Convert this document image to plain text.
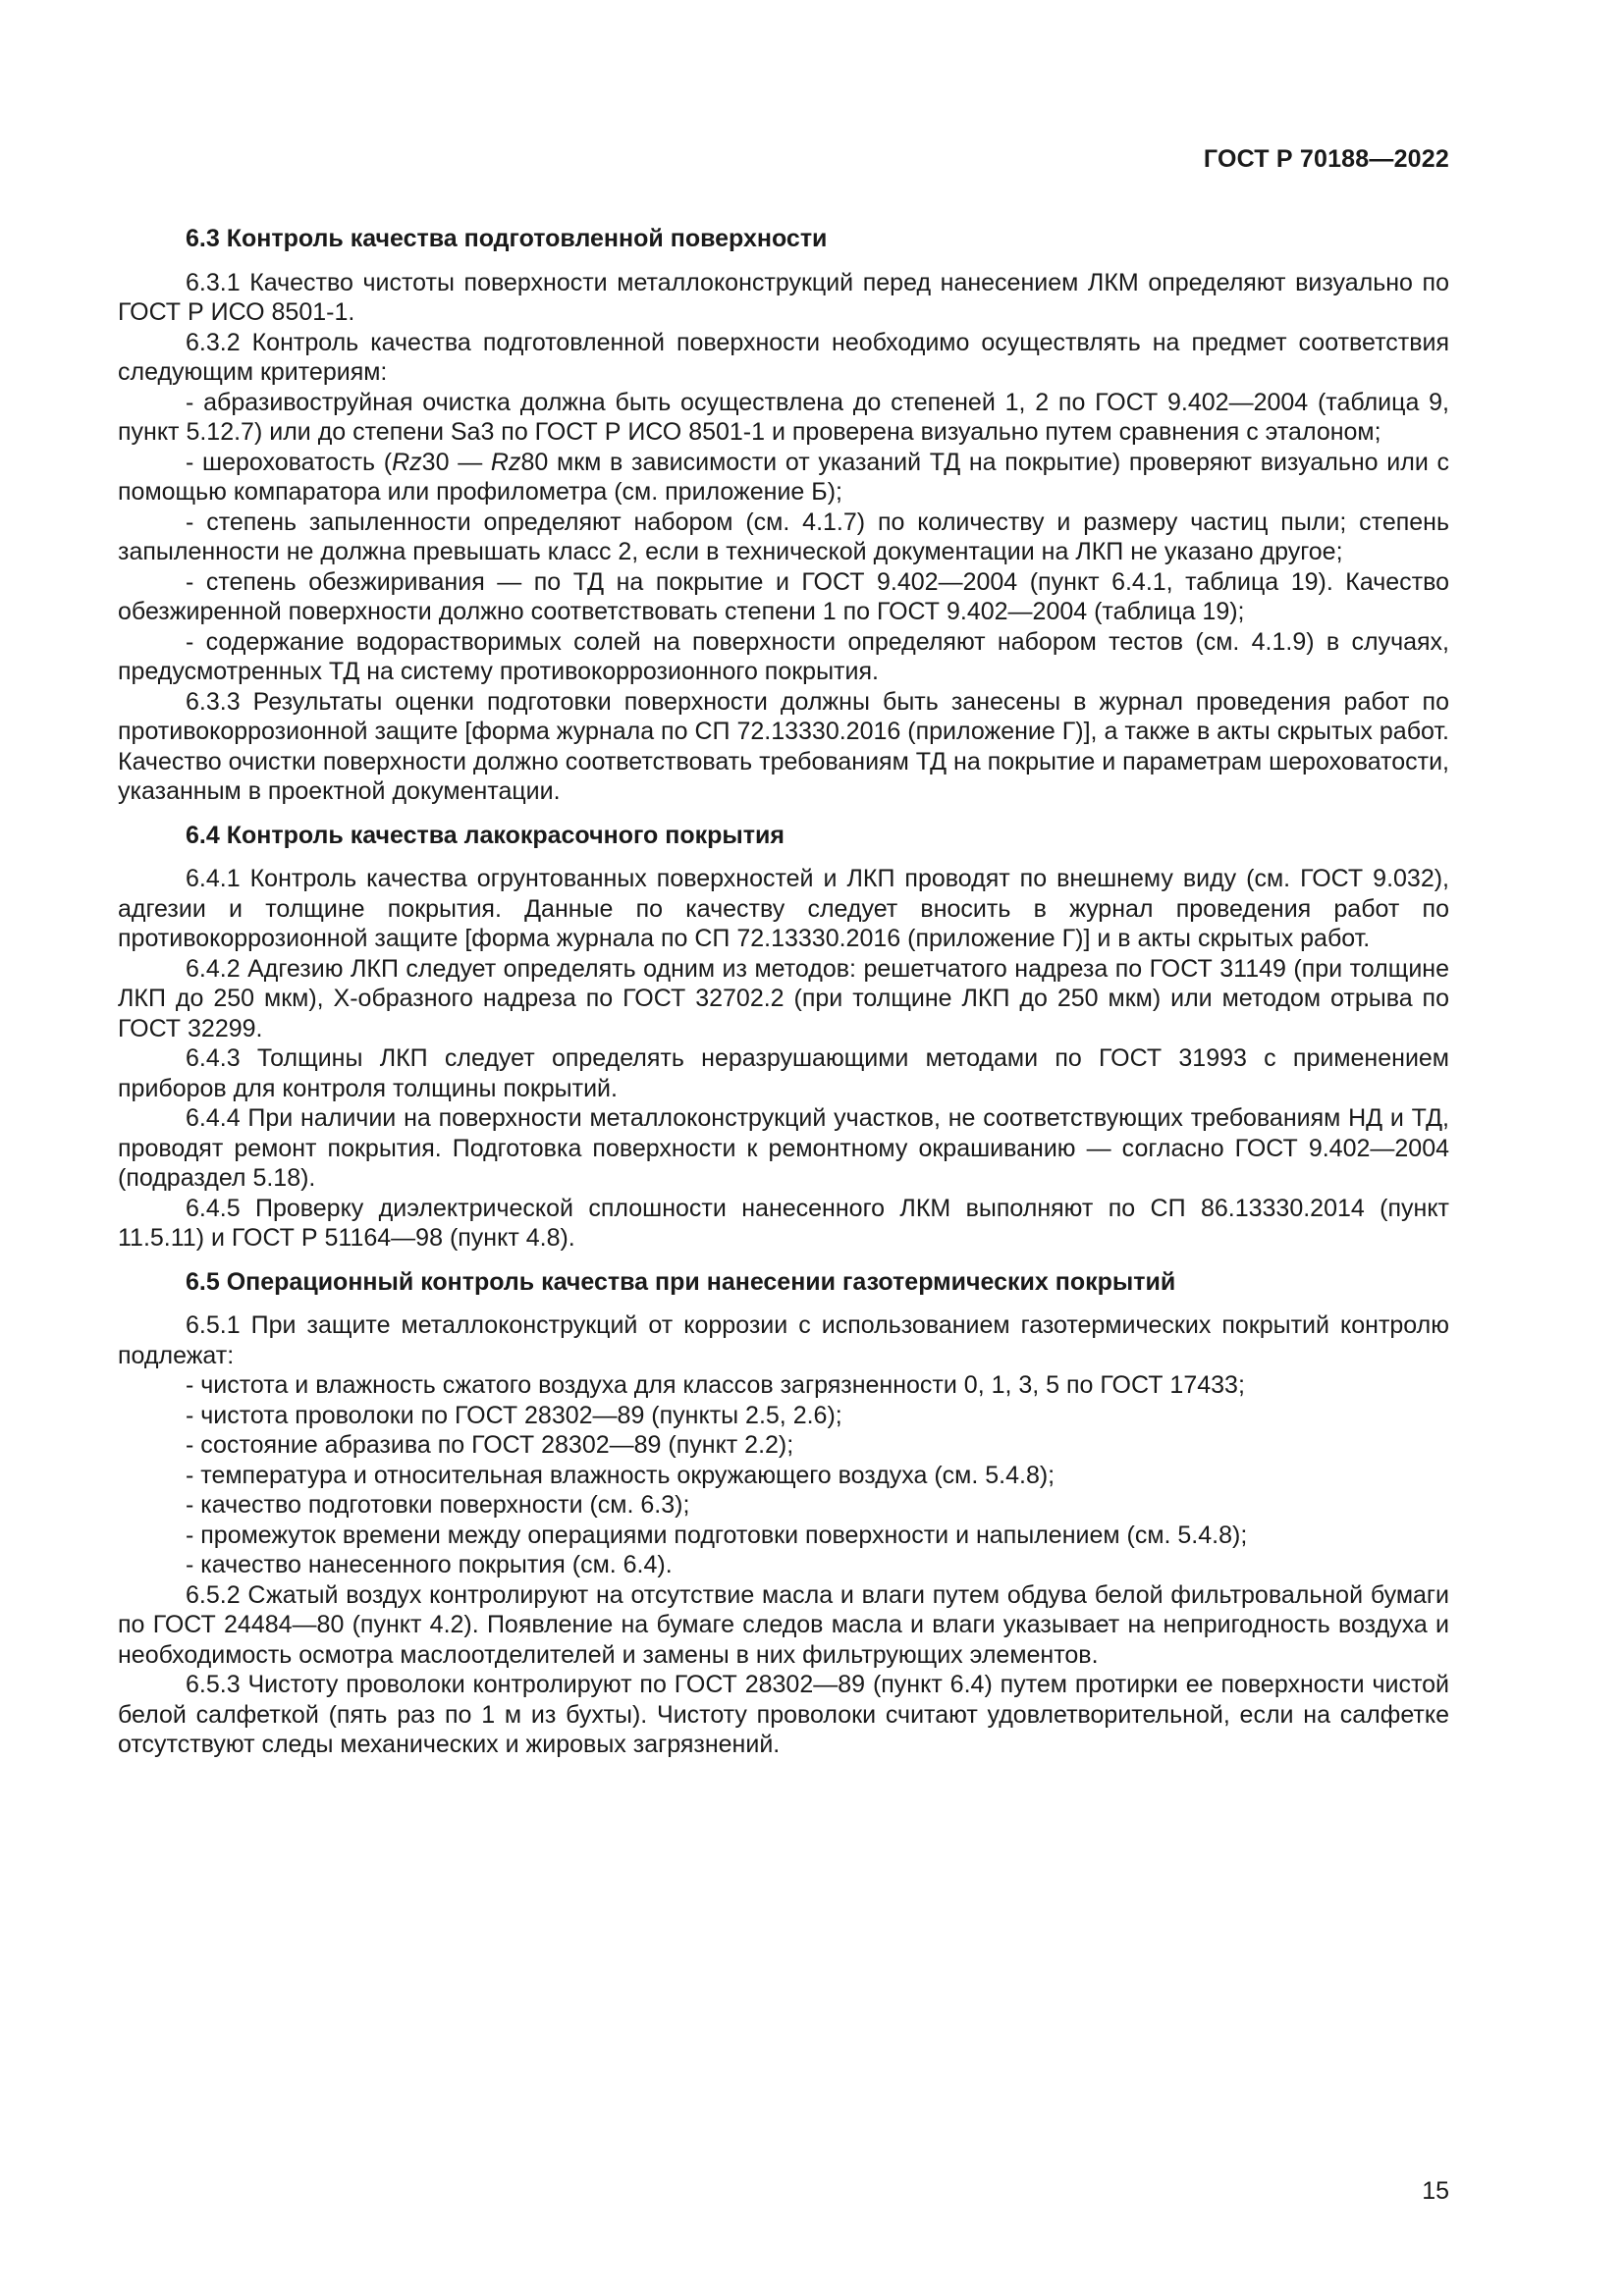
ГОСТ Р 70188—2022
6.3 Контроль качества подготовленной поверхности

6.3.1 Качество чистоты поверхности металлоконструкций перед нанесением ЛКМ определяют визуально по ГОСТ Р ИСО 8501-1.

6.3.2 Контроль качества подготовленной поверхности необходимо осуществлять на предмет соответствия следующим критериям:

- абразивоструйная очистка должна быть осуществлена до степеней 1, 2 по ГОСТ 9.402—2004 (таблица 9, пункт 5.12.7) или до степени Sa3 по ГОСТ Р ИСО 8501-1 и проверена визуально путем сравнения с эталоном;

- шероховатость (Rz30 — Rz80 мкм в зависимости от указаний ТД на покрытие) проверяют визуально или с помощью компаратора или профилометра (см. приложение Б);

- степень запыленности определяют набором (см. 4.1.7) по количеству и размеру частиц пыли; степень запыленности не должна превышать класс 2, если в технической документации на ЛКП не указано другое;

- степень обезжиривания — по ТД на покрытие и ГОСТ 9.402—2004 (пункт 6.4.1, таблица 19). Качество обезжиренной поверхности должно соответствовать степени 1 по ГОСТ 9.402—2004 (таблица 19);

- содержание водорастворимых солей на поверхности определяют набором тестов (см. 4.1.9) в случаях, предусмотренных ТД на систему противокоррозионного покрытия.

6.3.3 Результаты оценки подготовки поверхности должны быть занесены в журнал проведения работ по противокоррозионной защите [форма журнала по СП 72.13330.2016 (приложение Г)], а также в акты скрытых работ. Качество очистки поверхности должно соответствовать требованиям ТД на покрытие и параметрам шероховатости, указанным в проектной документации.

6.4 Контроль качества лакокрасочного покрытия

6.4.1 Контроль качества огрунтованных поверхностей и ЛКП проводят по внешнему виду (см. ГОСТ 9.032), адгезии и толщине покрытия. Данные по качеству следует вносить в журнал проведения работ по противокоррозионной защите [форма журнала по СП 72.13330.2016 (приложение Г)] и в акты скрытых работ.

6.4.2 Адгезию ЛКП следует определять одним из методов: решетчатого надреза по ГОСТ 31149 (при толщине ЛКП до 250 мкм), Х-образного надреза по ГОСТ 32702.2 (при толщине ЛКП до 250 мкм) или методом отрыва по ГОСТ 32299.

6.4.3 Толщины ЛКП следует определять неразрушающими методами по ГОСТ 31993 с применением приборов для контроля толщины покрытий.

6.4.4 При наличии на поверхности металлоконструкций участков, не соответствующих требованиям НД и ТД, проводят ремонт покрытия. Подготовка поверхности к ремонтному окрашиванию — согласно ГОСТ 9.402—2004 (подраздел 5.18).

6.4.5 Проверку диэлектрической сплошности нанесенного ЛКМ выполняют по СП 86.13330.2014 (пункт 11.5.11) и ГОСТ Р 51164—98 (пункт 4.8).

6.5 Операционный контроль качества при нанесении газотермических покрытий

6.5.1 При защите металлоконструкций от коррозии с использованием газотермических покрытий контролю подлежат:

- чистота и влажность сжатого воздуха для классов загрязненности 0, 1, 3, 5 по ГОСТ 17433;

- чистота проволоки по ГОСТ 28302—89 (пункты 2.5, 2.6);

- состояние абразива по ГОСТ 28302—89 (пункт 2.2);

- температура и относительная влажность окружающего воздуха (см. 5.4.8);

- качество подготовки поверхности (см. 6.3);

- промежуток времени между операциями подготовки поверхности и напылением (см. 5.4.8);

- качество нанесенного покрытия (см. 6.4).

6.5.2 Сжатый воздух контролируют на отсутствие масла и влаги путем обдува белой фильтровальной бумаги по ГОСТ 24484—80 (пункт 4.2). Появление на бумаге следов масла и влаги указывает на непригодность воздуха и необходимость осмотра маслоотделителей и замены в них фильтрующих элементов.

6.5.3 Чистоту проволоки контролируют по ГОСТ 28302—89 (пункт 6.4) путем протирки ее поверхности чистой белой салфеткой (пять раз по 1 м из бухты). Чистоту проволоки считают удовлетворительной, если на салфетке отсутствуют следы механических и жировых загрязнений.

15
